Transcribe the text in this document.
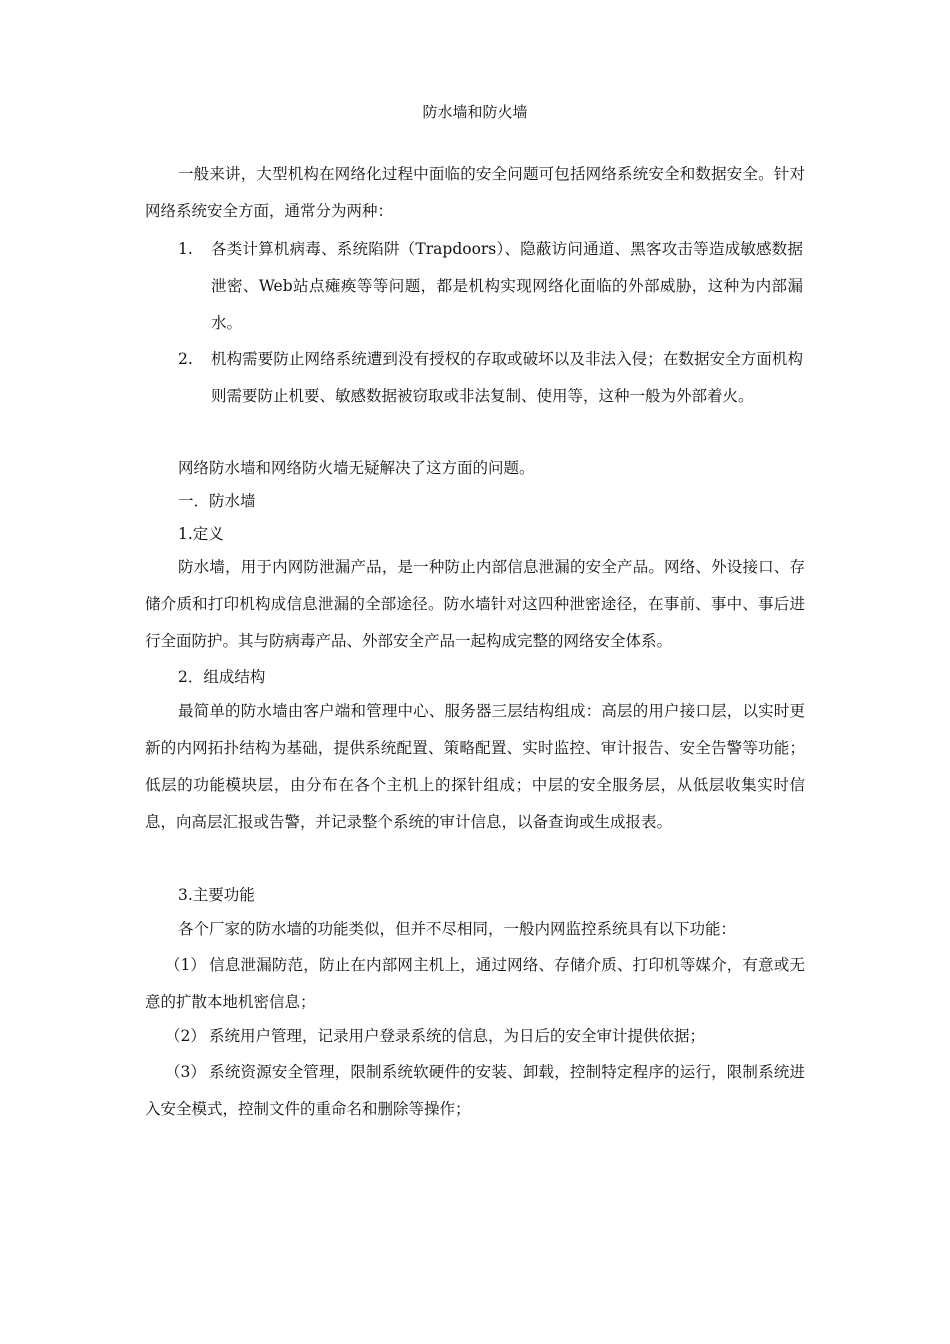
防水墙和防火墙

一般来讲，大型机构在网络化过程中面临的安全问题可包括网络系统安全和数据安全。针对网络系统安全方面，通常分为两种：

1.	各类计算机病毒、系统陷阱（Trapdoors）、隐蔽访问通道、黑客攻击等造成敏感数据泄密、Web站点瘫痪等等问题，都是机构实现网络化面临的外部威胁，这种为内部漏水。
2.	机构需要防止网络系统遭到没有授权的存取或破坏以及非法入侵；在数据安全方面机构则需要防止机要、敏感数据被窃取或非法复制、使用等，这种一般为外部着火。

网络防水墙和网络防火墙无疑解决了这方面的问题。

一．防水墙

1.定义

防水墙，用于内网防泄漏产品，是一种防止内部信息泄漏的安全产品。网络、外设接口、存储介质和打印机构成信息泄漏的全部途径。防水墙针对这四种泄密途径，在事前、事中、事后进行全面防护。其与防病毒产品、外部安全产品一起构成完整的网络安全体系。

2．组成结构

最简单的防水墙由客户端和管理中心、服务器三层结构组成：高层的用户接口层，以实时更新的内网拓扑结构为基础，提供系统配置、策略配置、实时监控、审计报告、安全告警等功能；低层的功能模块层，由分布在各个主机上的探针组成；中层的安全服务层，从低层收集实时信息，向高层汇报或告警，并记录整个系统的审计信息，以备查询或生成报表。

3.主要功能

各个厂家的防水墙的功能类似，但并不尽相同，一般内网监控系统具有以下功能：

（1） 信息泄漏防范，防止在内部网主机上，通过网络、存储介质、打印机等媒介，有意或无意的扩散本地机密信息；

（2） 系统用户管理，记录用户登录系统的信息，为日后的安全审计提供依据；

（3） 系统资源安全管理，限制系统软硬件的安装、卸载，控制特定程序的运行，限制系统进入安全模式，控制文件的重命名和删除等操作；
